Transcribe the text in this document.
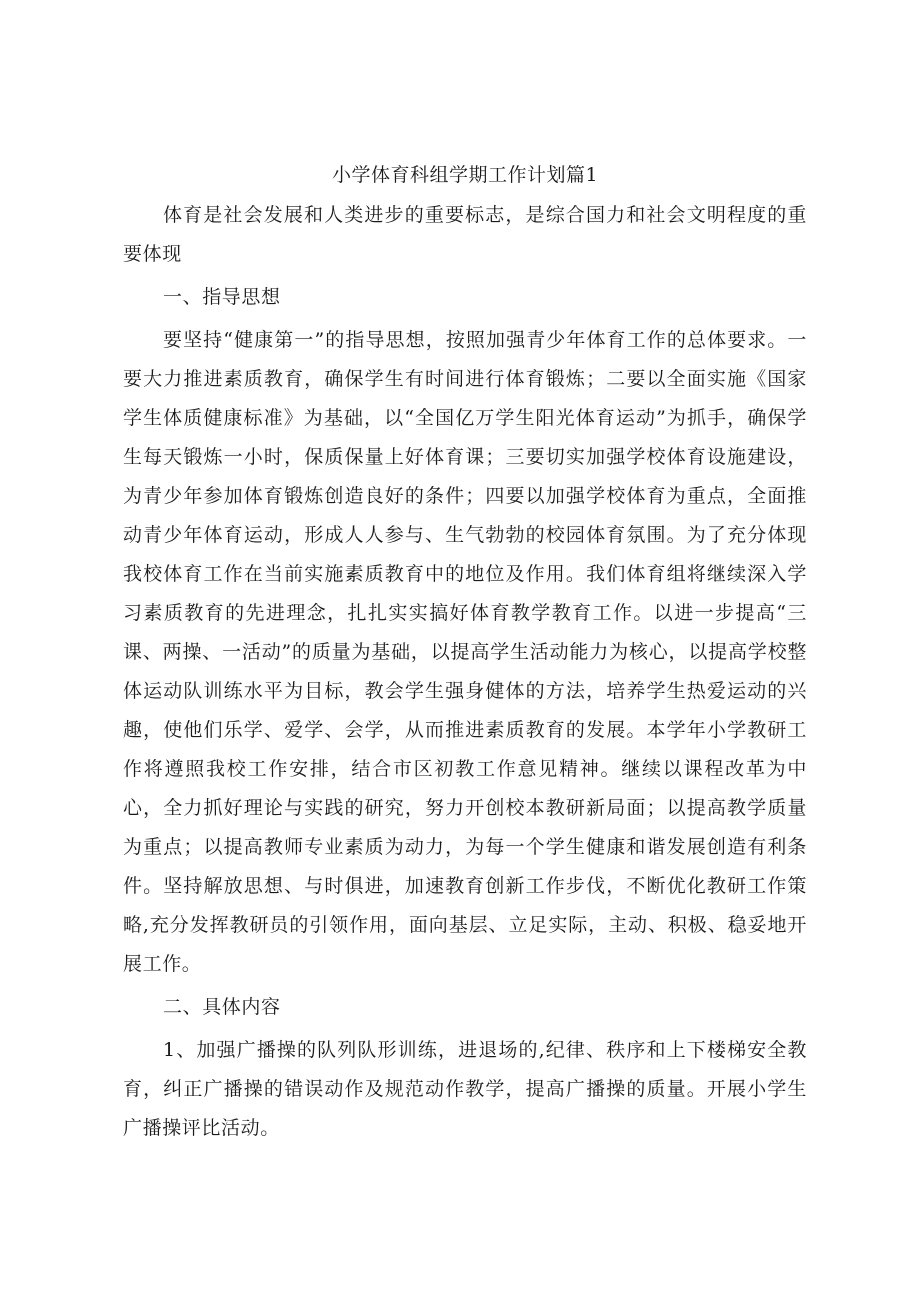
小学体育科组学期工作计划篇1

体育是社会发展和人类进步的重要标志，是综合国力和社会文明程度的重要体现

一、指导思想

要坚持“健康第一”的指导思想，按照加强青少年体育工作的总体要求。一要大力推进素质教育，确保学生有时间进行体育锻炼；二要以全面实施《国家学生体质健康标准》为基础，以“全国亿万学生阳光体育运动”为抓手，确保学生每天锻炼一小时，保质保量上好体育课；三要切实加强学校体育设施建设，为青少年参加体育锻炼创造良好的条件；四要以加强学校体育为重点，全面推动青少年体育运动，形成人人参与、生气勃勃的校园体育氛围。为了充分体现我校体育工作在当前实施素质教育中的地位及作用。我们体育组将继续深入学习素质教育的先进理念，扎扎实实搞好体育教学教育工作。以进一步提高“三课、两操、一活动”的质量为基础，以提高学生活动能力为核心，以提高学校整体运动队训练水平为目标，教会学生强身健体的方法，培养学生热爱运动的兴趣，使他们乐学、爱学、会学，从而推进素质教育的发展。本学年小学教研工作将遵照我校工作安排，结合市区初教工作意见精神。继续以课程改革为中心，全力抓好理论与实践的研究，努力开创校本教研新局面；以提高教学质量为重点；以提高教师专业素质为动力，为每一个学生健康和谐发展创造有利条件。坚持解放思想、与时俱进，加速教育创新工作步伐，不断优化教研工作策略,充分发挥教研员的引领作用，面向基层、立足实际，主动、积极、稳妥地开展工作。

二、具体内容

1、加强广播操的队列队形训练，进退场的,纪律、秩序和上下楼梯安全教育，纠正广播操的错误动作及规范动作教学，提高广播操的质量。开展小学生广播操评比活动。
